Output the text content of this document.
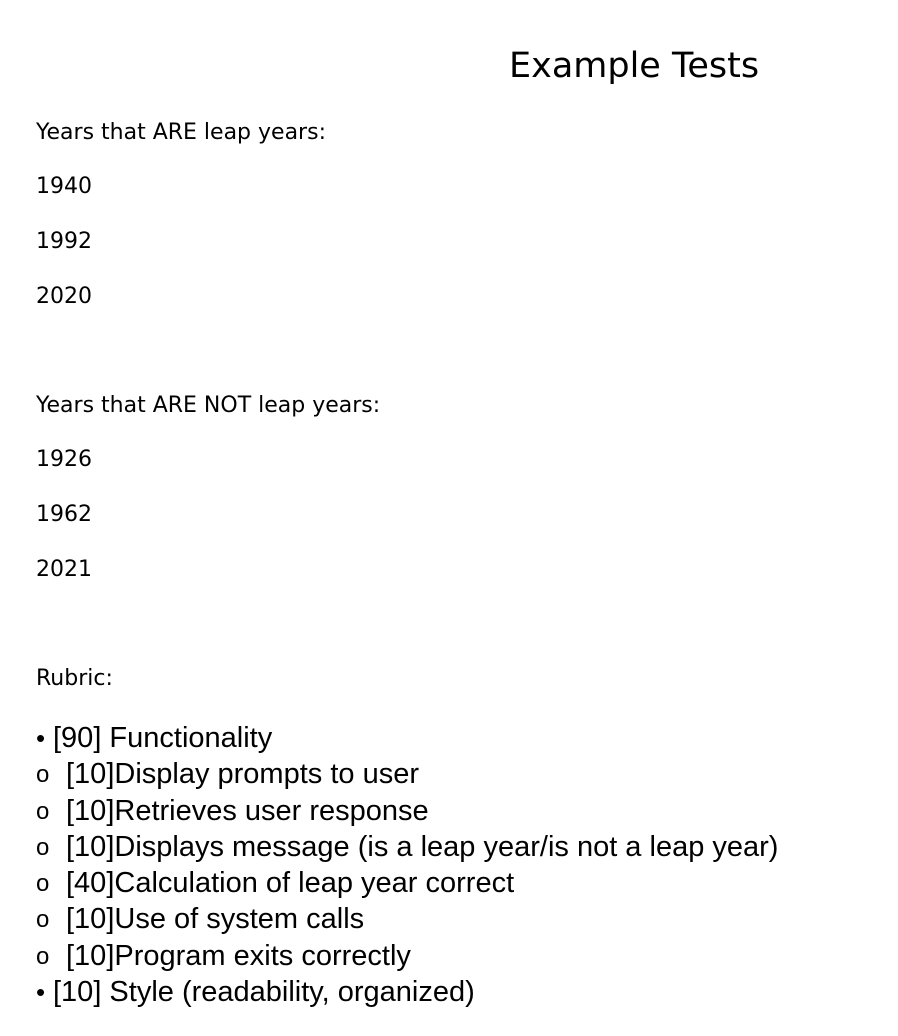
Example Tests
Years that ARE leap years:
1940
1992
2020
Years that ARE NOT leap years:
1926
1962
2021
Rubric:
• [90] Functionality
o [10]Display prompts to user
o [10]Retrieves user response
o [10]Displays message (is a leap year/is not a leap year)
o [40]Calculation of leap year correct
o [10]Use of system calls
o [10]Program exits correctly
• [10] Style (readability, organized)
